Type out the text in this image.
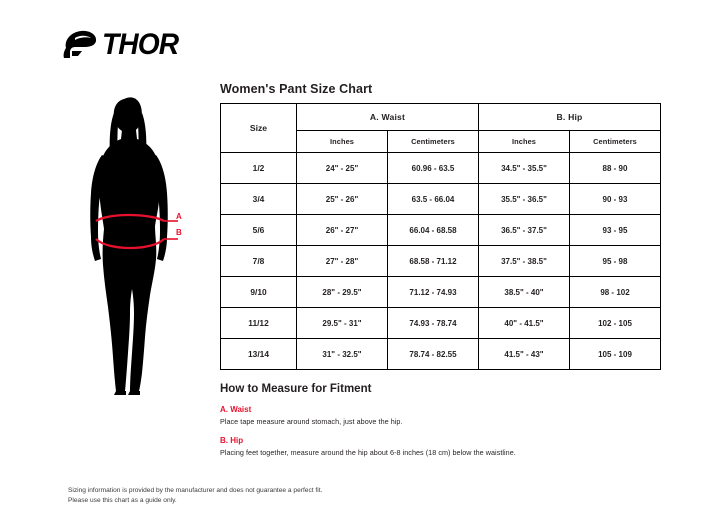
THOR
A
B
Women's Pant Size Chart
Size	A. Waist		B. Hip	
	Inches	Centimeters	Inches	Centimeters
1/2	24" - 25"	60.96 - 63.5	34.5" - 35.5"	88 - 90
3/4	25" - 26"	63.5 - 66.04	35.5" - 36.5"	90 - 93
5/6	26" - 27"	66.04 - 68.58	36.5" - 37.5"	93 - 95
7/8	27" - 28"	68.58 - 71.12	37.5" - 38.5"	95 - 98
9/10	28" - 29.5"	71.12 - 74.93	38.5" - 40"	98 - 102
11/12	29.5" - 31"	74.93 - 78.74	40" - 41.5"	102 - 105
13/14	31" - 32.5"	78.74 - 82.55	41.5" - 43"	105 - 109
How to Measure for Fitment

A. Waist

Place tape measure around stomach, just above the hip.

B. Hip

Placing feet together, measure around the hip about 6-8 inches (18 cm) below the waistline.

Sizing information is provided by the manufacturer and does not guarantee a perfect fit.
Please use this chart as a guide only.
